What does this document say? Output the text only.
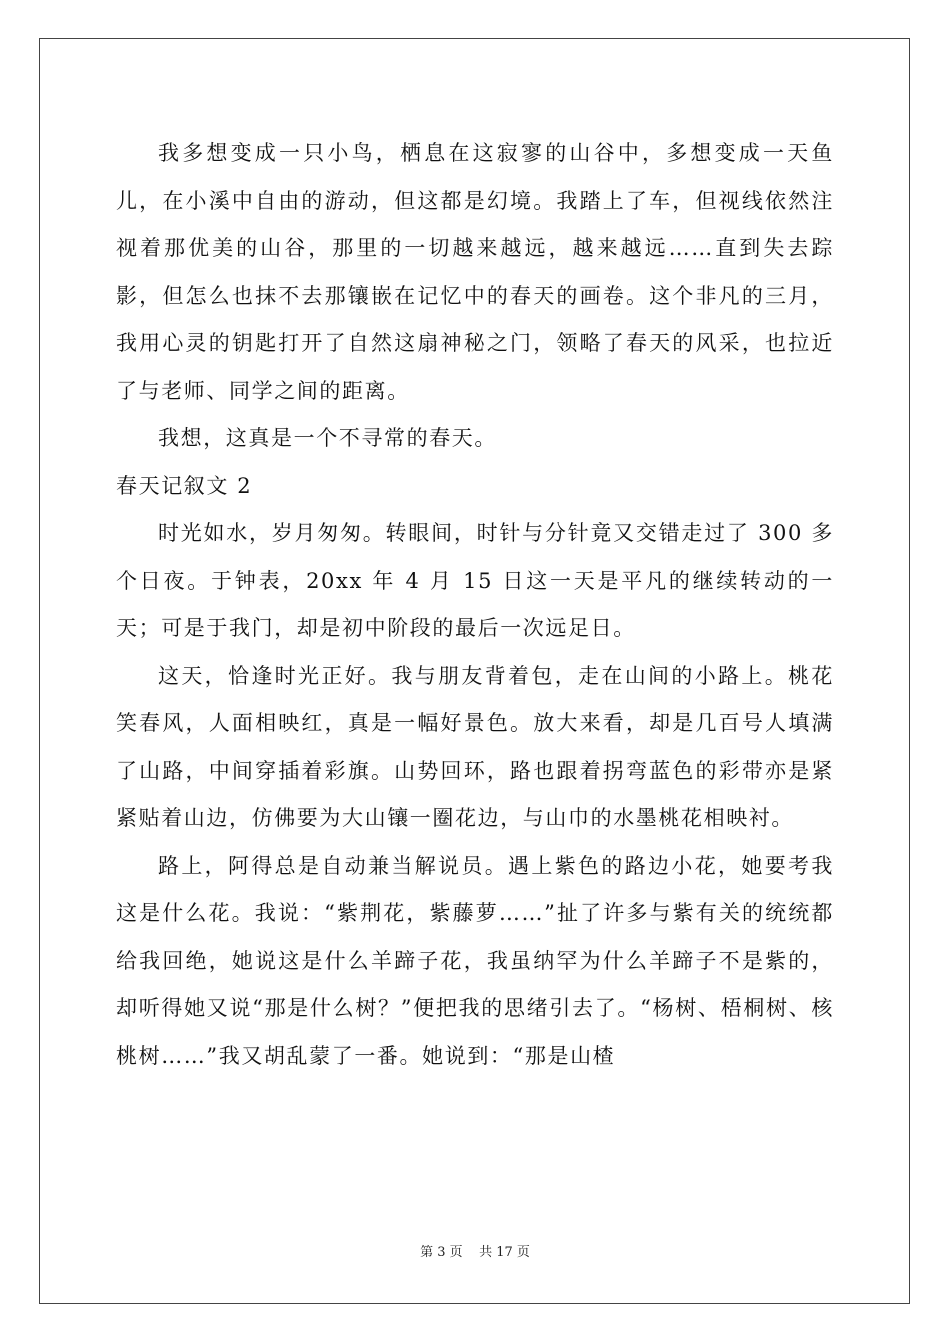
我多想变成一只小鸟，栖息在这寂寥的山谷中，多想变成一天鱼儿，在小溪中自由的游动，但这都是幻境。我踏上了车，但视线依然注视着那优美的山谷，那里的一切越来越远，越来越远……直到失去踪影，但怎么也抹不去那镶嵌在记忆中的春天的画卷。这个非凡的三月，我用心灵的钥匙打开了自然这扇神秘之门，领略了春天的风采，也拉近了与老师、同学之间的距离。

我想，这真是一个不寻常的春天。

春天记叙文 2

时光如水，岁月匆匆。转眼间，时针与分针竟又交错走过了 300 多个日夜。于钟表，20xx 年 4 月 15 日这一天是平凡的继续转动的一天；可是于我门，却是初中阶段的最后一次远足日。

这天，恰逢时光正好。我与朋友背着包，走在山间的小路上。桃花笑春风，人面相映红，真是一幅好景色。放大来看，却是几百号人填满了山路，中间穿插着彩旗。山势回环，路也跟着拐弯蓝色的彩带亦是紧紧贴着山边，仿佛要为大山镶一圈花边，与山巾的水墨桃花相映衬。

路上，阿得总是自动兼当解说员。遇上紫色的路边小花，她要考我这是什么花。我说：“紫荆花，紫藤萝……”扯了许多与紫有关的统统都给我回绝，她说这是什么羊蹄子花，我虽纳罕为什么羊蹄子不是紫的，却听得她又说“那是什么树？”便把我的思绪引去了。“杨树、梧桐树、核桃树……”我又胡乱蒙了一番。她说到：“那是山楂

第 3 页    共 17 页
